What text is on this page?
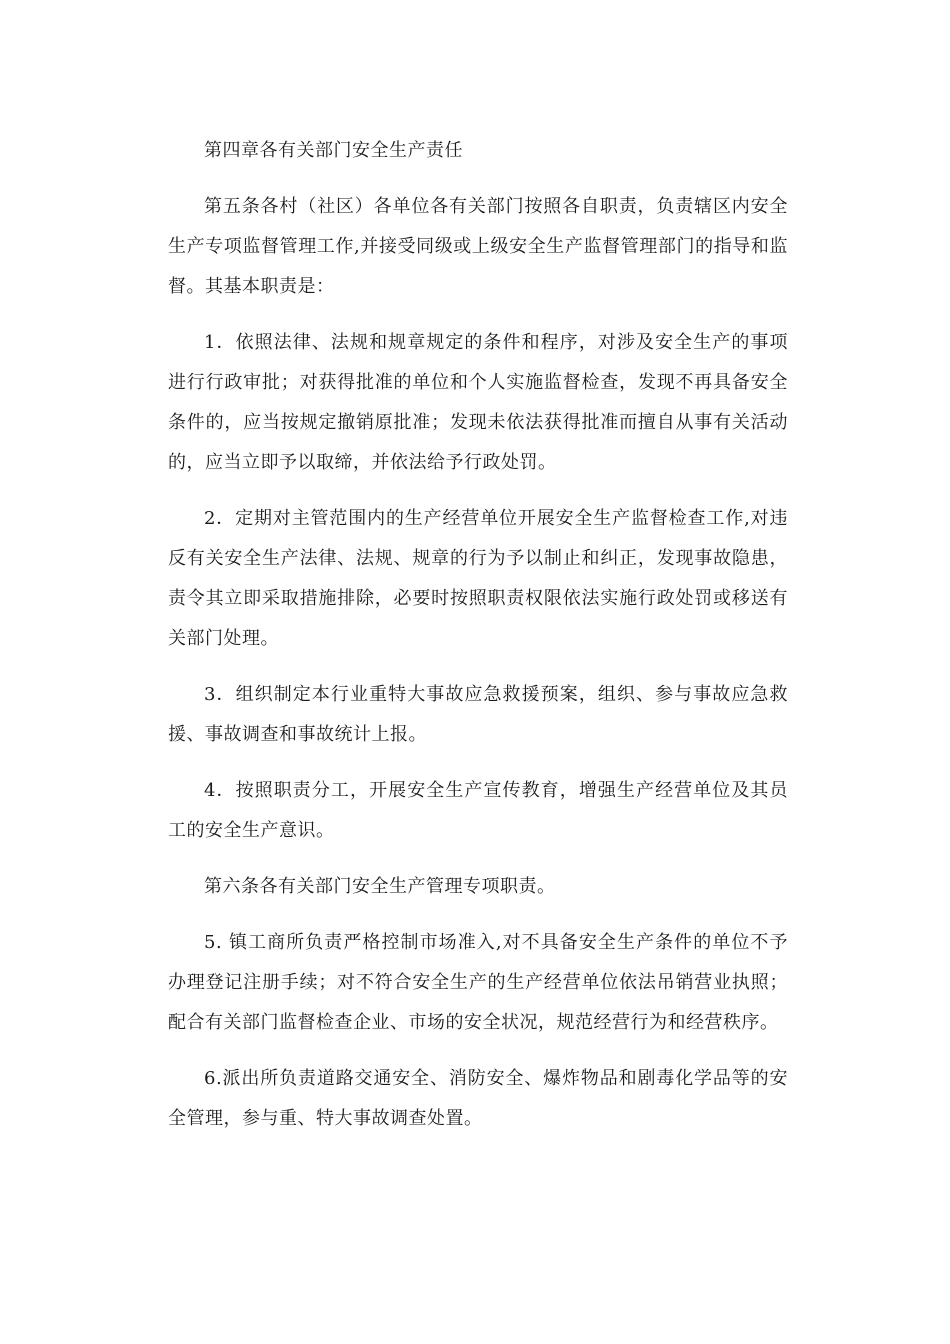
第四章各有关部门安全生产责任

第五条各村（社区）各单位各有关部门按照各自职责，负责辖区内安全生产专项监督管理工作,并接受同级或上级安全生产监督管理部门的指导和监督。其基本职责是：

1．依照法律、法规和规章规定的条件和程序，对涉及安全生产的事项进行行政审批；对获得批准的单位和个人实施监督检查，发现不再具备安全条件的，应当按规定撤销原批准；发现未依法获得批准而擅自从事有关活动的，应当立即予以取缔，并依法给予行政处罚。

2．定期对主管范围内的生产经营单位开展安全生产监督检查工作,对违反有关安全生产法律、法规、规章的行为予以制止和纠正，发现事故隐患，责令其立即采取措施排除，必要时按照职责权限依法实施行政处罚或移送有关部门处理。

3．组织制定本行业重特大事故应急救援预案，组织、参与事故应急救援、事故调查和事故统计上报。

4．按照职责分工，开展安全生产宣传教育，增强生产经营单位及其员工的安全生产意识。

第六条各有关部门安全生产管理专项职责。

5. 镇工商所负责严格控制市场准入,对不具备安全生产条件的单位不予办理登记注册手续；对不符合安全生产的生产经营单位依法吊销营业执照；配合有关部门监督检查企业、市场的安全状况，规范经营行为和经营秩序。

6.派出所负责道路交通安全、消防安全、爆炸物品和剧毒化学品等的安全管理，参与重、特大事故调查处置。
